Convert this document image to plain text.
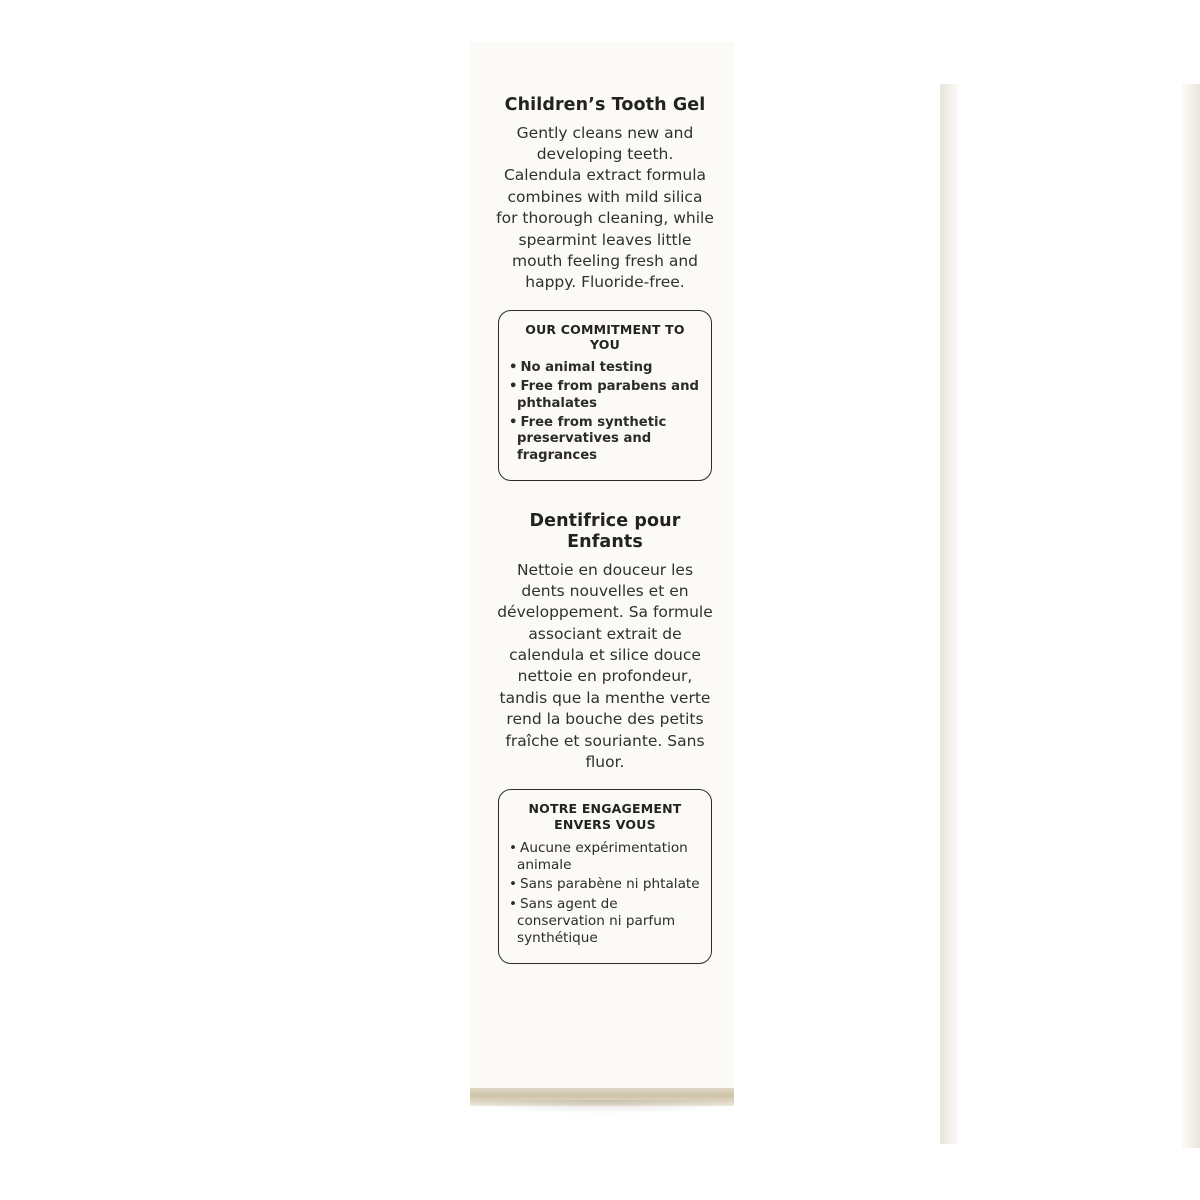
Children’s Tooth Gel

Gently cleans new and developing teeth. Calendula extract formula combines with mild silica for thorough cleaning, while spearmint leaves little mouth feeling fresh and happy. Fluoride-free.

OUR COMMITMENT TO YOU
• No animal testing
• Free from parabens and phthalates
• Free from synthetic preservatives and fragrances
Dentifrice pour Enfants

Nettoie en douceur les dents nouvelles et en développement. Sa formule associant extrait de calendula et silice douce nettoie en profondeur, tandis que la menthe verte rend la bouche des petits fraîche et souriante. Sans fluor.

NOTRE ENGAGEMENT ENVERS VOUS
• Aucune expérimentation animale
• Sans parabène ni phtalate
• Sans agent de conservation ni parfum synthétique
